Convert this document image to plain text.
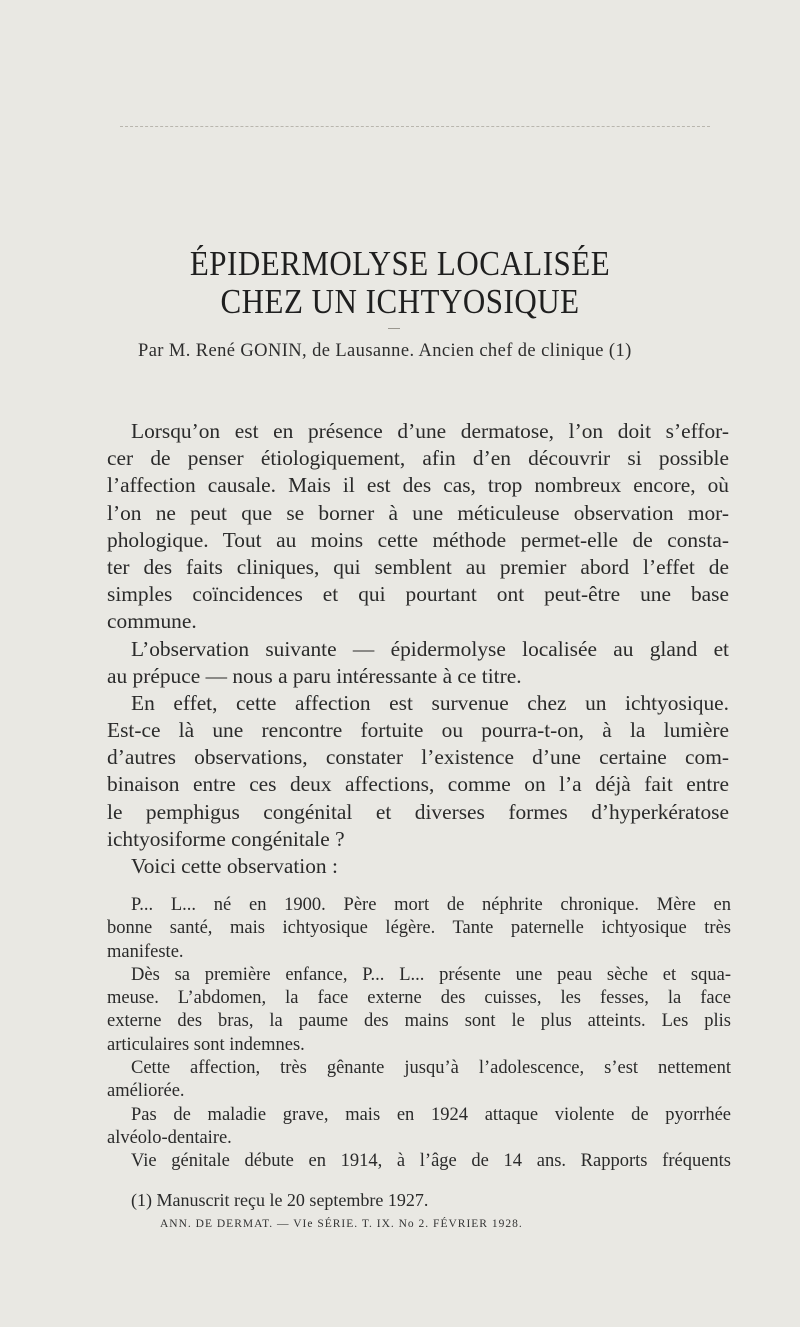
ÉPIDERMOLYSE LOCALISÉE
CHEZ UN ICHTYOSIQUE
Par M. René GONIN, de Lausanne. Ancien chef de clinique (1)
Lorsqu’on est en présence d’une dermatose, l’on doit s’effor-
cer de penser étiologiquement, afin d’en découvrir si possible
l’affection causale. Mais il est des cas, trop nombreux encore, où
l’on ne peut que se borner à une méticuleuse observation mor-
phologique. Tout au moins cette méthode permet-elle de consta-
ter des faits cliniques, qui semblent au premier abord l’effet de
simples coïncidences et qui pourtant ont peut-être une base
commune.
L’observation suivante — épidermolyse localisée au gland et
au prépuce — nous a paru intéressante à ce titre.
En effet, cette affection est survenue chez un ichtyosique.
Est-ce là une rencontre fortuite ou pourra-t-on, à la lumière
d’autres observations, constater l’existence d’une certaine com-
binaison entre ces deux affections, comme on l’a déjà fait entre
le pemphigus congénital et diverses formes d’hyperkératose
ichtyosiforme congénitale ?
Voici cette observation :
P... L... né en 1900. Père mort de néphrite chronique. Mère en
bonne santé, mais ichtyosique légère. Tante paternelle ichtyosique très
manifeste.
Dès sa première enfance, P... L... présente une peau sèche et squa-
meuse. L’abdomen, la face externe des cuisses, les fesses, la face
externe des bras, la paume des mains sont le plus atteints. Les plis
articulaires sont indemnes.
Cette affection, très gênante jusqu’à l’adolescence, s’est nettement
améliorée.
Pas de maladie grave, mais en 1924 attaque violente de pyorrhée
alvéolo-dentaire.
Vie génitale débute en 1914, à l’âge de 14 ans. Rapports fréquents
(1) Manuscrit reçu le 20 septembre 1927.
ANN. DE DERMAT. — VIe SÉRIE. T. IX. No 2. FÉVRIER 1928.
